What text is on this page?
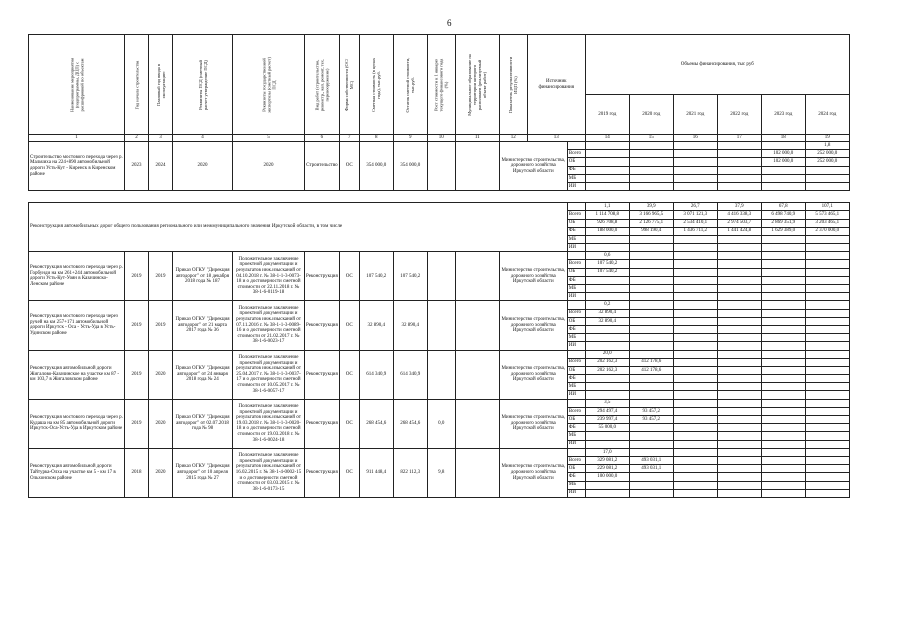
6
Наименование мероприятия (подпрограммы, ДЦП) с расшифровкой по объектам	Год начала строительства	Плановый год ввода в эксплуатацию	Реквизиты ПСД (сметный расчет утверждение ПСД)	Реквизиты государственной экспертизы (сметный расчет) ПСД	Вид работ (строительство, реконстр., кап. ремонт, тех. перевооружение)	Форма собственности (ОС/ МС)	Сметная стоимость (в ценах года), тыс.руб.	Остаток сметной стоимости, тыс.руб.	Рост стоимости к 1 январю текущего финансового года (%)	Муниципальное образование на территории которого расположен (реализуемый объект работ)	Показатель результативности ИЦП (%)	Источник финансирования		Объемы финансирования, тыс руб					
														2019 год	2020 год	2021 год	2022 год	2023 год	2024 год
1	2	3	4	5	6	7	8	9	10	11	12	13		14	15	16	17	18	19
Строительство мостового перехода через р. Мальчиха на 224+890 автомобильной дороги Усть-Кут - Киренск в Киренском районе	2023	2024	2020	2020	Строительство	ОС	354 000,0	354 000,0			Министерство строительства, дорожного хозяйства Иркутской области								1,8
													Всего					102 000,0	252 000,0
													ОБ					102 000,0	252 000,0
													ФБ						
													МБ						
													ИИ						

Реконструкция автомобильных дорог общего пользования регионального или межмуниципального значения Иркутской области, в том числе														1,1	39,9	26,7	37,9	67,8	107,1
													Всего	1 114 708,8	3 166 965,5	3 071 121,3	4 416 338,3	6 498 740,9	5 573 465,1
													ОБ	926 708,8	2 126 775,1	2 534 410,1	2 974 503,7	2 869 351,9	3 203 465,1
													ФБ	188 000,0	998 190,4	1 436 711,2	1 441 424,8	1 629 389,0	2 370 000,0
													МБ						
													ИИ						
Реконструкция мостового перехода через р. Горбунди на км 261+244 автомобильной дороги Усть-Кут-Уоян в Казачинско-Ленском районе	2019	2019	Приказ ОГКУ "Дирекция автодорог" от 18 декабря 2018 года № 187	Положительное заключение проектной документации и результатов инж.изысканий от 04.10.2018 г. № 38-1-1-3-0073-18 и о достоверности сметной стоимости от 22.11.2018 г. № 38-1-6-0119-18	Реконструкция	ОС	107 540,2	107 540,2			Министерство строительства, дорожного хозяйства Иркутской области			0,6					
													Всего	107 540,2					
													ОБ	107 540,2					
													ФБ						
													МБ						
													ИИ						
Реконструкция мостового перехода через ручей на км 257+171 автомобильной дороги Иркутск - Оса - Усть-Уда в Усть-Удинском районе	2019	2019	Приказ ОГКУ "Дирекция автодорог" от 21 марта 2017 года № 36	Положительное заключение проектной документации и результатов инж.изысканий от 07.11.2016 г. № 38-1-1-3-0089-16 и о достоверности сметной стоимости от 21.02.2017 г. № 38-1-6-0023-17	Реконструкция	ОС	32 890,4	32 890,4			Министерство строительства, дорожного хозяйства Иркутской области			0,2					
													Всего	32 890,4					
													ОБ	32 890,4					
													ФБ						
													МБ						
													ИИ						
Реконструкция автомобильной дороги Жигалово-Казачинское на участке км 87 - км 103,7 в Жигаловском районе	2019	2020	Приказ ОГКУ "Дирекция автодорог" от 24 января 2018 года № 24	Положительное заключение проектной документации и результатов инж.изысканий от 25.04.2017 г. № 38-1-1-3-0037-17 и о достоверности сметной стоимости от 10.05.2017 г. № 38-1-6-0057-17	Реконструкция	ОС	614 340,9	614 340,9			Министерство строительства, дорожного хозяйства Иркутской области			20,0					
													Всего	202 162,3	412 178,6				
													ОБ	202 162,3	412 178,6				
													ФБ						
													МБ						
													ИИ						
Реконструкция мостового перехода через р. Кудаша на км 85 автомобильной дороги Иркутск-Оса-Усть-Уда в Иркутском районе	2019	2020	Приказ ОГКУ "Дирекция автодорог" от 02.07.2018 года № 98	Положительное заключение проектной документации и результатов инж.изысканий от 19.03.2018 г. № 38-1-1-3-0020-18 и о достоверности сметной стоимости от 19.03.2018 г. № 38-1-6-0024-18	Реконструкция	ОС	268 454,6	268 454,6	0,0		Министерство строительства, дорожного хозяйства Иркутской области			3,5					
													Всего	294 497,4	93 457,2				
													ОБ	239 997,4	93 457,2				
													ФБ	55 000,0					
													МБ						
													ИИ						
Реконструкция автомобильной дороги Тайтурка-Олха на участке км 5 - км 17 в Ольхонском районе	2018	2020	Приказ ОГКУ "Дирекция автодорог" от 10 апреля 2015 года № 27	Положительное заключение проектной документации и результатов инж.изысканий от 16.02.2015 г. № 38-1-4-0002-15 и о достоверности сметной стоимости от 03.03.2015 г. № 38-1-6-0173-15	Реконструкция	ОС	911 448,4	822 112,3	9,8		Министерство строительства, дорожного хозяйства Иркутской области			17,0					
													Всего	329 081,2	493 031,1				
													ОБ	229 081,2	493 031,1				
													ФБ	100 000,0					
													МБ						
													ИИ						
